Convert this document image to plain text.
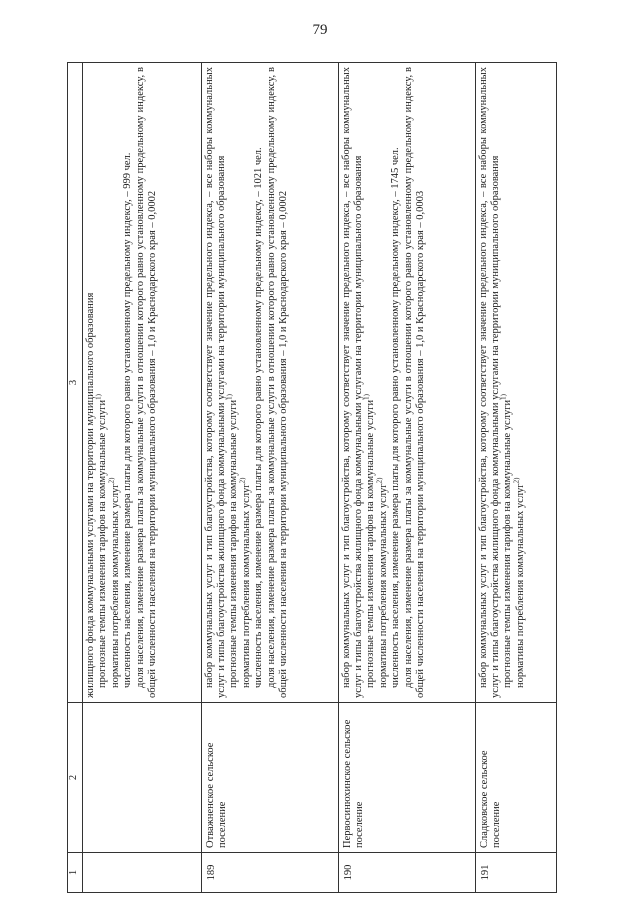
79
1	2	3

		жилищного фонда коммунальными услугами на территории муниципального образования прогнозные темпы изменения тарифов на коммунальные услуги$^{1)}$

нормативы потребления коммунальных услуг$^{2)}$ численность населения, изменение размера платы для которого равно установленному предельному индексу, – 999 чел. доля населения, изменение размера платы за коммунальные услуги в отношении которого равно установленному предельному индексу, в общей численности населения на территории муниципального образования – 1,0 и Краснодарского края – 0,0002

189	Отважненское сельское поселение	набор коммунальных услуг и тип благоустройства, которому соответствует значение предельного индекса, – все наборы коммунальных услуг и типы благоустройства жилищного фонда коммунальными услугами на территории муниципального образования прогнозные темпы изменения тарифов на коммунальные услуги$^{1)}$

нормативы потребления коммунальных услуг$^{2)}$ численность населения, изменение размера платы для которого равно установленному предельному индексу, – 1021 чел. доля населения, изменение размера платы за коммунальные услуги в отношении которого равно установленному предельному индексу, в общей численности населения на территории муниципального образования – 1,0 и Краснодарского края – 0,0002

190	Первосинюхинское сельское поселение	набор коммунальных услуг и тип благоустройства, которому соответствует значение предельного индекса, – все наборы коммунальных услуг и типы благоустройства жилищного фонда коммунальными услугами на территории муниципального образования прогнозные темпы изменения тарифов на коммунальные услуги$^{1)}$

нормативы потребления коммунальных услуг$^{2)}$ численность населения, изменение размера платы для которого равно установленному предельному индексу, – 1745 чел. доля населения, изменение размера платы за коммунальные услуги в отношении которого равно установленному предельному индексу, в общей численности населения на территории муниципального образования – 1,0 и Краснодарского края – 0,0003

191	Сладковское сельское поселение	набор коммунальных услуг и тип благоустройства, которому соответствует значение предельного индекса, – все наборы коммунальных услуг и типы благоустройства жилищного фонда коммунальными услугами на территории муниципального образования прогнозные темпы изменения тарифов на коммунальные услуги$^{1)}$

нормативы потребления коммунальных услуг$^{2)}$
